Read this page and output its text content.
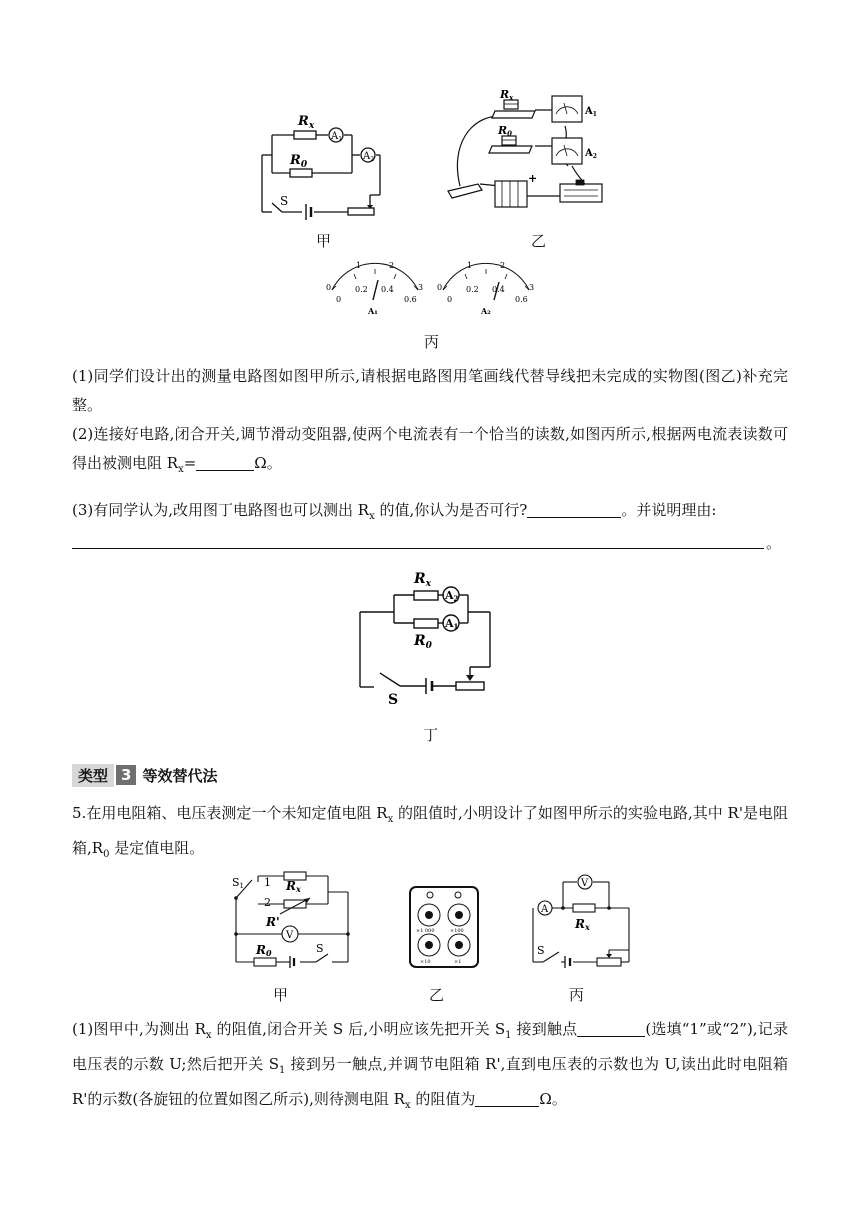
$R_x$
$R_0$
$A_1$
$A_2$
S
甲
Rx
R0
$A_1$
$A_2$
+
乙
0
1	2
3
0
0.2 0.4
0.6
0
1	2
3
0
0.2 0.4
0.6
A₁	A₂
丙
(1)同学们设计出的测量电路图如图甲所示,请根据电路图用笔画线代替导线把未完成的实物图(图乙)补充完整。
(2)连接好电路,闭合开关,调节滑动变阻器,使两个电流表有一个恰当的读数,如图丙所示,根据两电流表读数可得出被测电阻 $R_x=$	Ω。
(3)有同学认为,改用图丁电路图也可以测出 $R_x$ 的值,你认为是否可行?	。并说明理由:
。
$R_x$
$R_0$
A2
A1
S
丁
类型 3 等效替代法
5.在用电阻箱、电压表测定一个未知定值电阻 $R_x$ 的阻值时,小明设计了如图甲所示的实验电路,其中 R'是电阻箱$,R_0$ 是定值电阻。
S1 1
2
Rx
R'
V
R0	S
甲
×1 000	×100
×10	×1
乙
A
V
Rx
S
丙
(1)图甲中,为测出 $R_x$ 的阻值,闭合开关 S 后,小明应该先把开关 $S_1$ 接到触点	(选填“1”或“2”),记录电压表的示数 U;然后把开关 $S_1$ 接到另一触点,并调节电阻箱 R',直到电压表的示数也为 U,读出此时电阻箱 R'的示数(各旋钮的位置如图乙所示),则待测电阻 $R_x$ 的阻值为	Ω。
